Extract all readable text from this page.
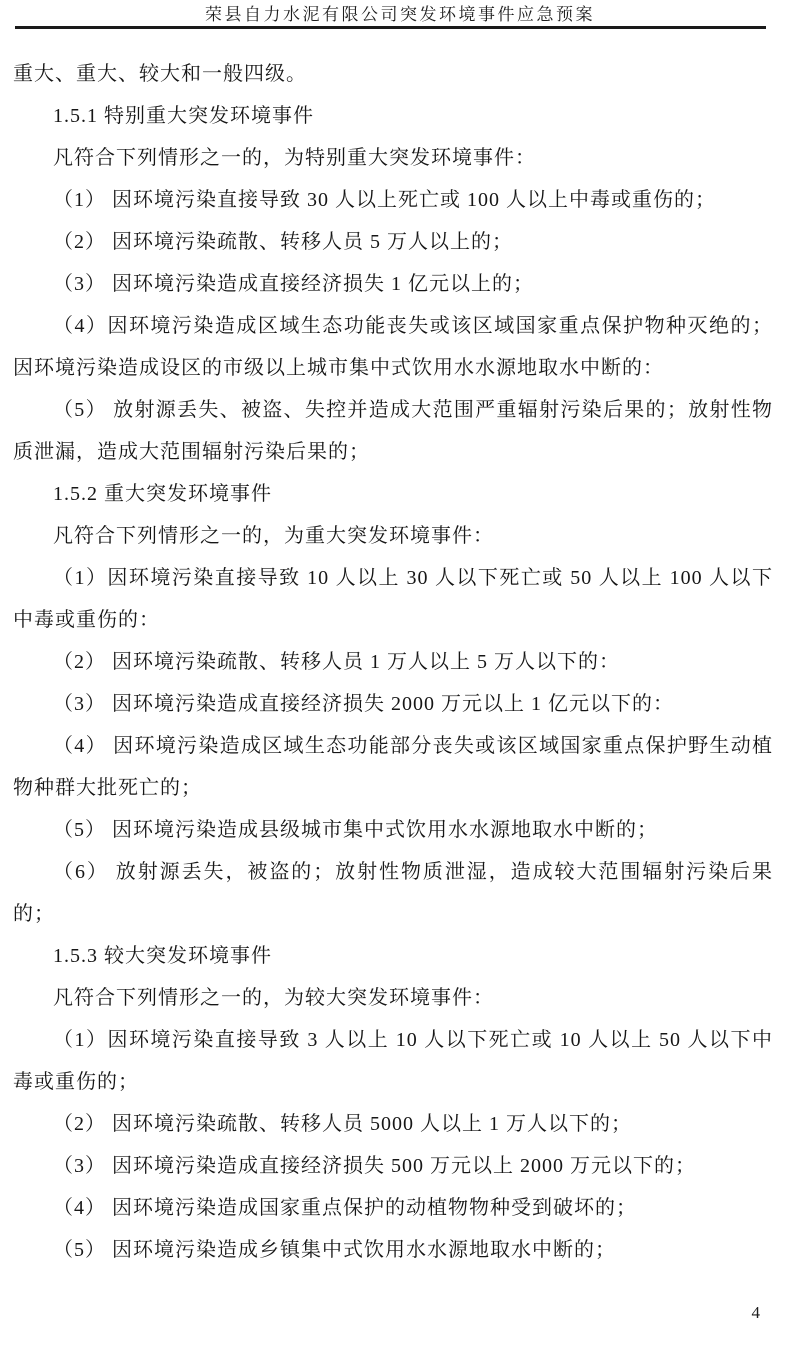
荣县自力水泥有限公司突发环境事件应急预案

重大、重大、较大和一般四级。

1.5.1 特别重大突发环境事件

凡符合下列情形之一的，为特别重大突发环境事件：

（1） 因环境污染直接导致 30 人以上死亡或 100 人以上中毒或重伤的；

（2） 因环境污染疏散、转移人员 5 万人以上的；

（3） 因环境污染造成直接经济损失 1 亿元以上的；

（4）因环境污染造成区域生态功能丧失或该区域国家重点保护物种灭绝的；因环境污染造成设区的市级以上城市集中式饮用水水源地取水中断的：

（5） 放射源丢失、被盗、失控并造成大范围严重辐射污染后果的；放射性物质泄漏，造成大范围辐射污染后果的；

1.5.2 重大突发环境事件

凡符合下列情形之一的，为重大突发环境事件：

（1）因环境污染直接导致 10 人以上 30 人以下死亡或 50 人以上 100 人以下中毒或重伤的：

（2） 因环境污染疏散、转移人员 1 万人以上 5 万人以下的：

（3） 因环境污染造成直接经济损失 2000 万元以上 1 亿元以下的：

（4） 因环境污染造成区域生态功能部分丧失或该区域国家重点保护野生动植物种群大批死亡的；

（5） 因环境污染造成县级城市集中式饮用水水源地取水中断的；

（6） 放射源丢失，被盗的；放射性物质泄湿，造成较大范围辐射污染后果的；

1.5.3 较大突发环境事件

凡符合下列情形之一的，为较大突发环境事件：

（1）因环境污染直接导致 3 人以上 10 人以下死亡或 10 人以上 50 人以下中毒或重伤的；

（2） 因环境污染疏散、转移人员 5000 人以上 1 万人以下的；

（3） 因环境污染造成直接经济损失 500 万元以上 2000 万元以下的；

（4） 因环境污染造成国家重点保护的动植物物种受到破坏的；

（5） 因环境污染造成乡镇集中式饮用水水源地取水中断的；

4
